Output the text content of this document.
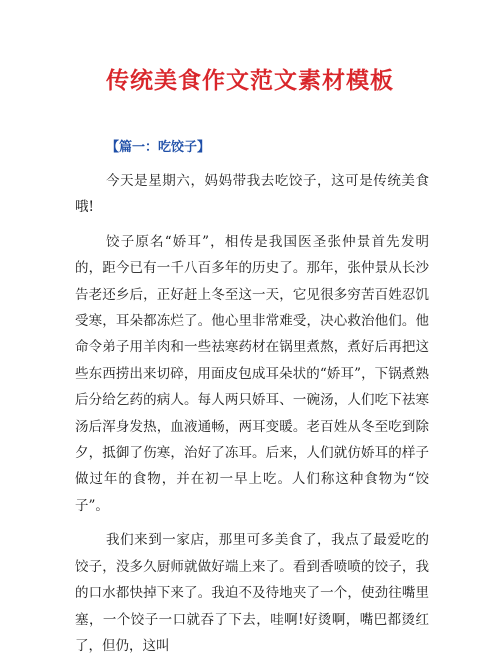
传统美食作文范文素材模板
【篇一：吃饺子】

今天是星期六，妈妈带我去吃饺子，这可是传统美食哦!

饺子原名“娇耳”，相传是我国医圣张仲景首先发明的，距今已有一千八百多年的历史了。那年，张仲景从长沙告老还乡后，正好赶上冬至这一天，它见很多穷苦百姓忍饥受寒，耳朵都冻烂了。他心里非常难受，决心救治他们。他命令弟子用羊肉和一些祛寒药材在锅里煮熬，煮好后再把这些东西捞出来切碎，用面皮包成耳朵状的“娇耳”，下锅煮熟后分给乞药的病人。每人两只娇耳、一碗汤，人们吃下祛寒汤后浑身发热，血液通畅，两耳变暖。老百姓从冬至吃到除夕，抵御了伤寒，治好了冻耳。后来，人们就仿娇耳的样子做过年的食物，并在初一早上吃。人们称这种食物为“饺子”。

我们来到一家店，那里可多美食了，我点了最爱吃的饺子，没多久厨师就做好端上来了。看到香喷喷的饺子，我的口水都快掉下来了。我迫不及待地夹了一个，使劲往嘴里塞，一个饺子一口就吞了下去，哇啊!好烫啊，嘴巴都烫红了，但仍，这叫
